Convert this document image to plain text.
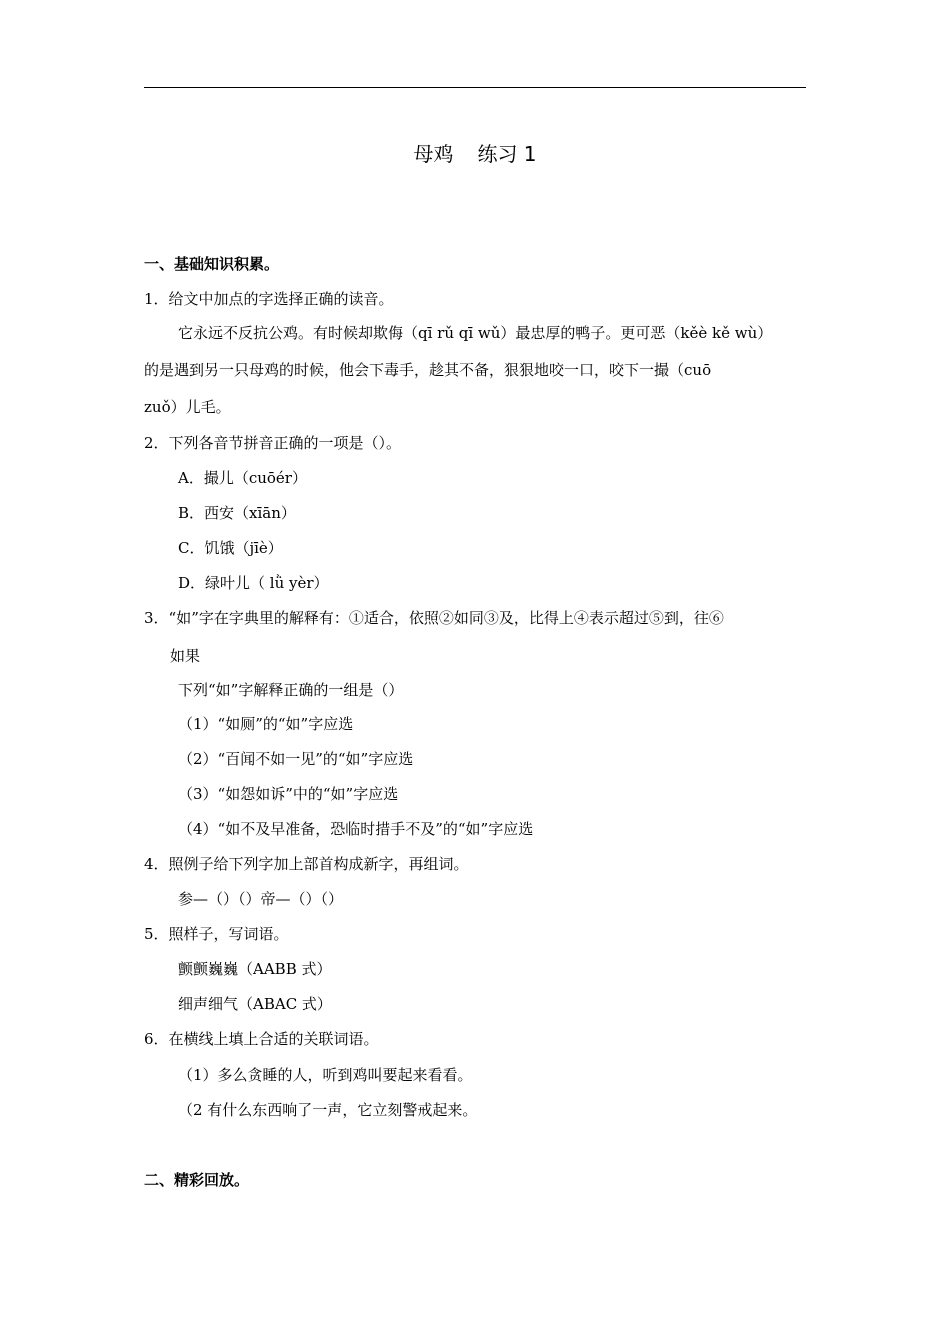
母鸡 练习 1
一、基础知识积累。
1．给文中加点的字选择正确的读音。
它永远不反抗公鸡。有时候却欺侮（qī rǔ qī wǔ）最忠厚的鸭子。更可恶（kěè kě wù）
的是遇到另一只母鸡的时候，他会下毒手，趁其不备，狠狠地咬一口，咬下一撮（cuō
zuǒ）儿毛。
2．下列各音节拼音正确的一项是（）。
A．撮儿（cuōér）
B．西安（xīān）
C．饥饿（jīè）
D．绿叶儿（ lǜ yèr）
3．“如”字在字典里的解释有：①适合，依照②如同③及，比得上④表示超过⑤到，往⑥
如果
下列“如”字解释正确的一组是（）
（1）“如厕”的“如”字应选
（2）“百闻不如一见”的“如”字应选
（3）“如怨如诉”中的“如”字应选
（4）“如不及早准备，恐临时措手不及”的“如”字应选
4．照例子给下列字加上部首构成新字，再组词。
参—（）（）帝—（）（）
5．照样子，写词语。
颤颤巍巍（AABB 式）
细声细气（ABAC 式）
6．在横线上填上合适的关联词语。
（1）多么贪睡的人，听到鸡叫要起来看看。
（2 有什么东西响了一声，它立刻警戒起来。
二、精彩回放。
